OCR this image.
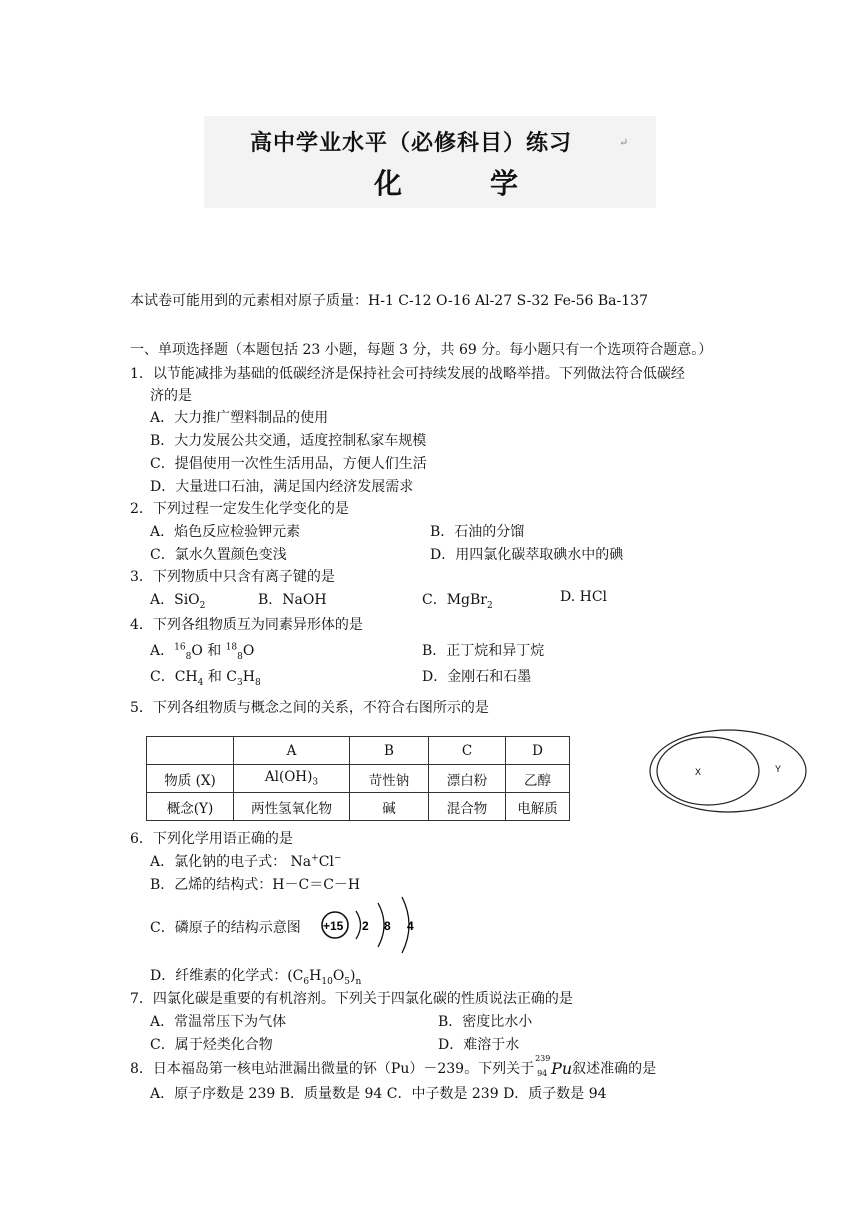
高中学业水平（必修科目）练习	↵
化	学
本试卷可能用到的元素相对原子质量：H-1 C-12 O-16 Al-27 S-32 Fe-56 Ba-137
一、单项选择题（本题包括 23 小题，每题 3 分，共 69 分。每小题只有一个选项符合题意。）
1．以节能减排为基础的低碳经济是保持社会可持续发展的战略举措。下列做法符合低碳经
济的是
A．大力推广塑料制品的使用
B．大力发展公共交通，适度控制私家车规模
C．提倡使用一次性生活用品，方便人们生活
D．大量进口石油，满足国内经济发展需求
2．下列过程一定发生化学变化的是
A．焰色反应检验钾元素	B．石油的分馏
C．氯水久置颜色变浅	D．用四氯化碳萃取碘水中的碘
3．下列物质中只含有离子键的是
A．SiO$_2$	B．NaOH	C．MgBr$_2$
D. HCl
4．下列各组物质互为同素异形体的是
A．$^{16}_8$O 和 $^{18}_8$O	B．正丁烷和异丁烷
C．$CH_4$ 和 $C_3H_8$	D．金刚石和石墨
5．下列各组物质与概念之间的关系，不符合右图所示的是
	A	B	C	D
物质 (X)	$Al(OH)_3$	苛性钠	漂白粉	乙醇
概念(Y)	两性氢氧化物	碱	混合物	电解质
X	Y
6．下列化学用语正确的是
A．氯化钠的电子式： Na+Cl−
B．乙烯的结构式：H－C＝C－H
C．磷原子的结构示意图 +15 2 8 4
D．纤维素的化学式：$(C_6H_{10}O_5)_n$
7．四氯化碳是重要的有机溶剂。下列关于四氯化碳的性质说法正确的是
A．常温常压下为气体	B．密度比水小
C．属于烃类化合物	D．难溶于水
8．日本福岛第一核电站泄漏出微量的钚（Pu）－239。下列关于
239
94 Pu 叙述准确的是
A．原子序数是 239 B．质量数是 94 C．中子数是 239 D．质子数是 94
